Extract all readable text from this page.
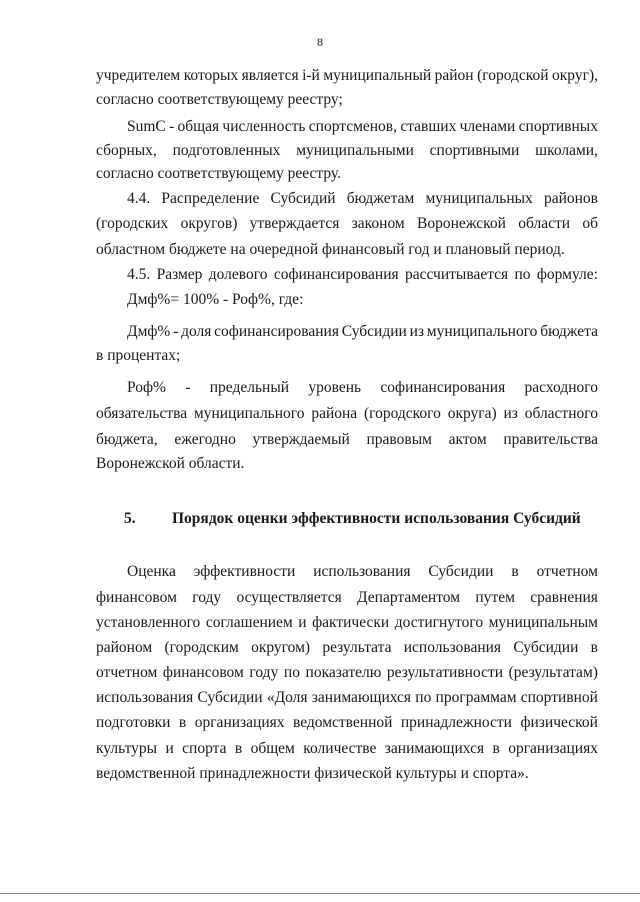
8
учредителем которых является i-й муниципальный район (городской округ),
согласно соответствующему реестру;
SumC - общая численность спортсменов, ставших членами спортивных
сборных, подготовленных муниципальными спортивными школами,
согласно соответствующему реестру.
4.4. Распределение Субсидий бюджетам муниципальных районов
(городских округов) утверждается законом Воронежской области об
областном бюджете на очередной финансовый год и плановый период.
4.5. Размер долевого софинансирования рассчитывается по формуле:
Дмф%= 100% - Роф%, где:
Дмф% - доля софинансирования Субсидии из муниципального бюджета
в процентах;
Роф% - предельный уровень софинансирования расходного
обязательства муниципального района (городского округа) из областного
бюджета, ежегодно утверждаемый правовым актом правительства
Воронежской области.
5. Порядок оценки эффективности использования Субсидий
Оценка эффективности использования Субсидии в отчетном
финансовом году осуществляется Департаментом путем сравнения
установленного соглашением и фактически достигнутого муниципальным
районом (городским округом) результата использования Субсидии в
отчетном финансовом году по показателю результативности (результатам)
использования Субсидии «Доля занимающихся по программам спортивной
подготовки в организациях ведомственной принадлежности физической
культуры и спорта в общем количестве занимающихся в организациях
ведомственной принадлежности физической культуры и спорта».
